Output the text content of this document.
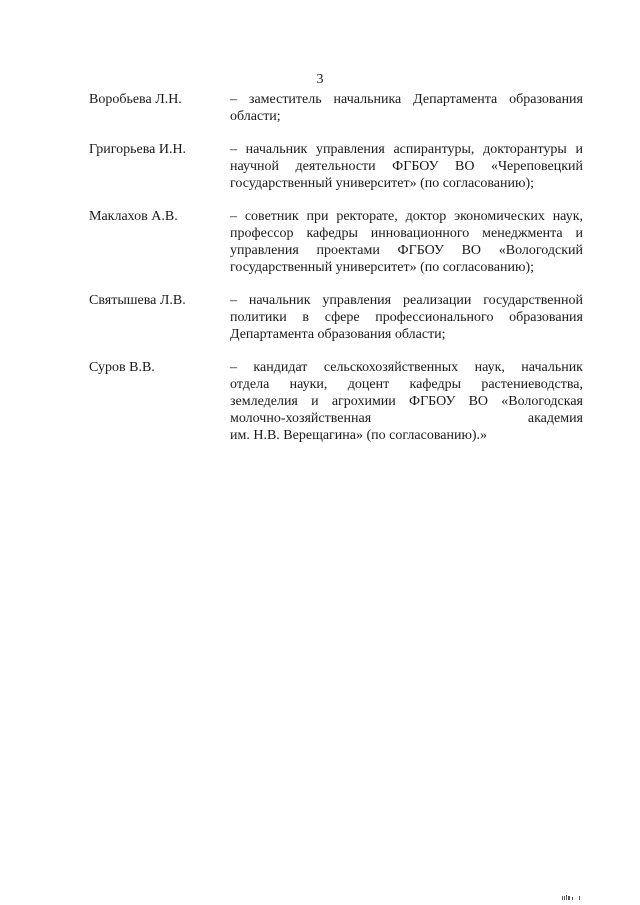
3
Воробьева Л.Н.	– заместитель начальника Департамента образования
области;
Григорьева И.Н.	– начальник управления аспирантуры, докторантуры и
научной деятельности ФГБОУ ВО «Череповецкий
государственный университет» (по согласованию);
Маклахов А.В.	– советник при ректорате, доктор экономических наук,
профессор кафедры инновационного менеджмента и
управления проектами ФГБОУ ВО «Вологодский
государственный университет» (по согласованию);
Святышева Л.В.	– начальник управления реализации государственной
политики в сфере профессионального образования
Департамента образования области;
Суров В.В.	– кандидат сельскохозяйственных наук, начальник
отдела науки, доцент кафедры растениеводства,
земледелия и агрохимии ФГБОУ ВО «Вологодская
молочно-хозяйственная академия
им. Н.В. Верещагина» (по согласованию).»
